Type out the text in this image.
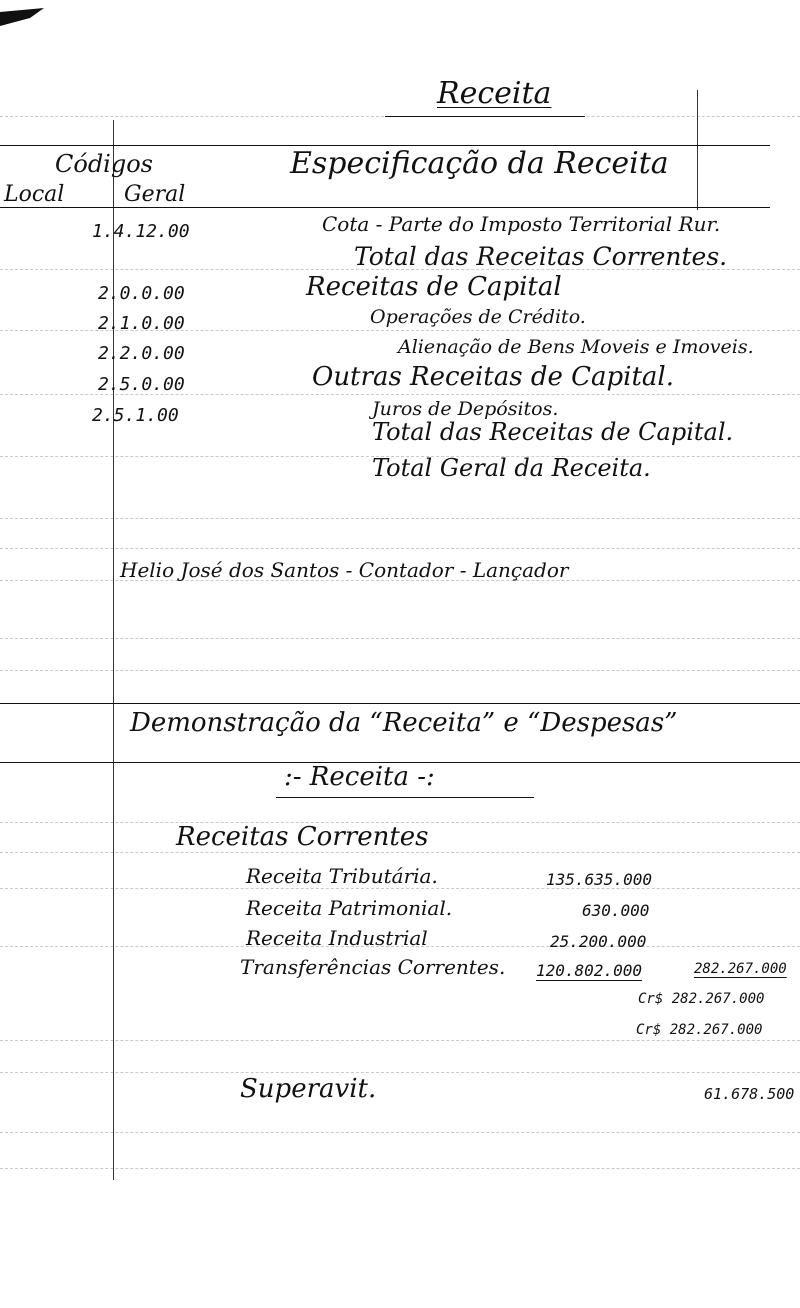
Receita
Códigos	Especificação da Receita
Local	Geral
1.4.12.00	Cota - Parte do Imposto Territorial Rur.
Total das Receitas Correntes.
2.0.0.00	Receitas de Capital
2.1.0.00	Operações de Crédito.
2.2.0.00	Alienação de Bens Moveis e Imoveis.
2.5.0.00	Outras Receitas de Capital.
2.5.1.00	Juros de Depósitos.
Total das Receitas de Capital.
Total Geral da Receita.
Helio José dos Santos - Contador - Lançador
Demonstração da “Receita” e “Despesas”
:- Receita -:
Receitas Correntes
Receita Tributária.	135.635.000
Receita Patrimonial.	630.000
Receita Industrial	25.200.000
Transferências Correntes. 120.802.000	282.267.000
Cr$ 282.267.000
Cr$ 282.267.000
Superavit.	61.678.500
